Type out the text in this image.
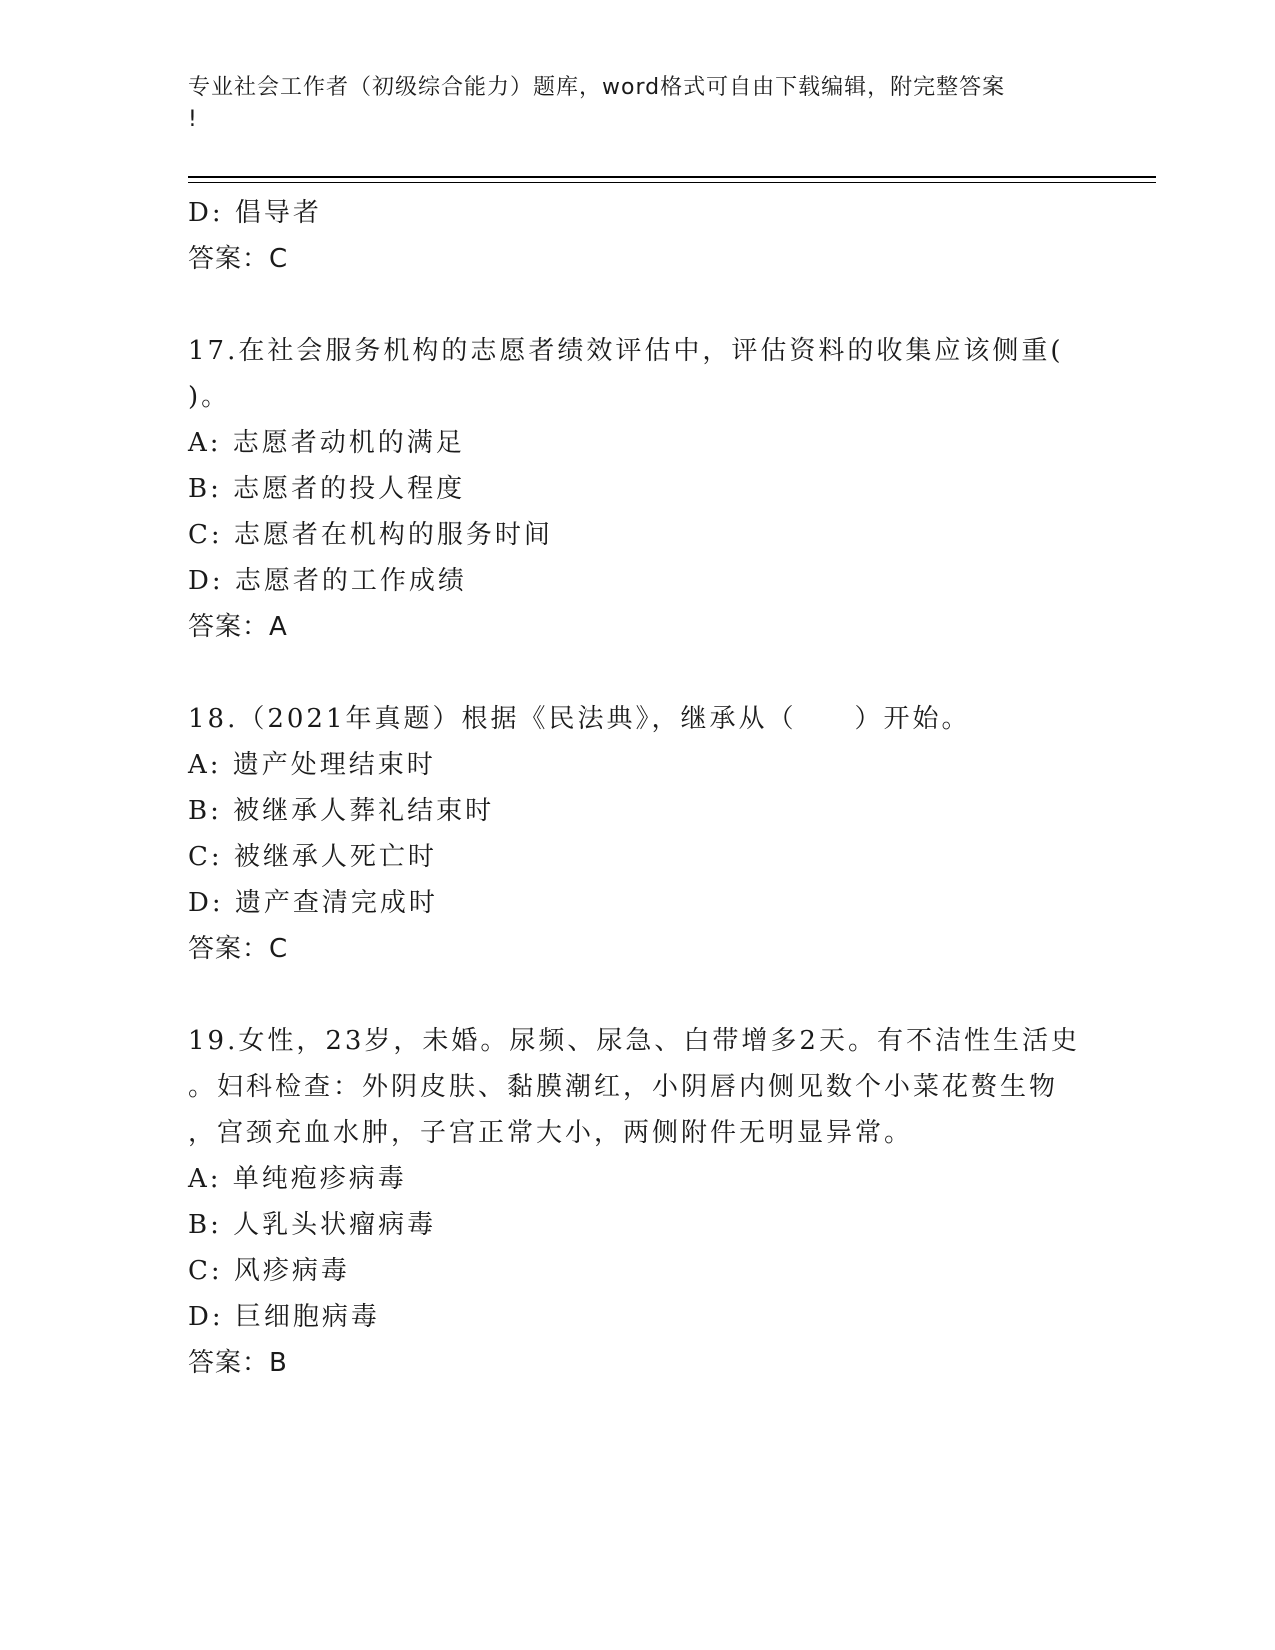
专业社会工作者（初级综合能力）题库，word格式可自由下载编辑，附完整答案
!
D: 倡导者
答案：C
17.在社会服务机构的志愿者绩效评估中，评估资料的收集应该侧重(
)。
A: 志愿者动机的满足
B: 志愿者的投人程度
C: 志愿者在机构的服务时间
D: 志愿者的工作成绩
答案：A
18.（2021年真题）根据《民法典》，继承从（　　）开始。
A: 遗产处理结束时
B: 被继承人葬礼结束时
C: 被继承人死亡时
D: 遗产查清完成时
答案：C
19.女性，23岁，未婚。尿频、尿急、白带增多2天。有不洁性生活史
。妇科检查：外阴皮肤、黏膜潮红，小阴唇内侧见数个小菜花赘生物
，宫颈充血水肿，子宫正常大小，两侧附件无明显异常。
A: 单纯疱疹病毒
B: 人乳头状瘤病毒
C: 风疹病毒
D: 巨细胞病毒
答案：B
